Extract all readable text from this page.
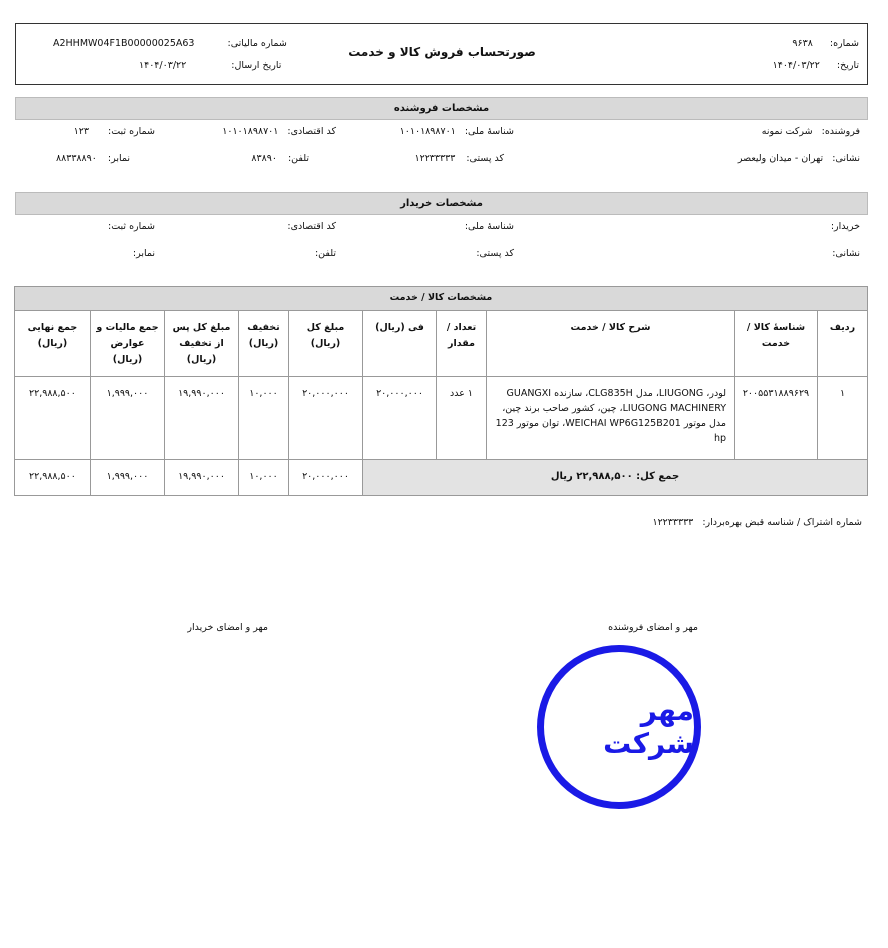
شماره: ۹۶۳۸
تاریخ: ۱۴۰۴/۰۳/۲۲
صورتحساب فروش کالا و خدمت
A2HHMW04F1B00000025A63	شماره مالیاتی:
۱۴۰۴/۰۳/۲۲	تاریخ ارسال:
مشخصات فروشنده
فروشنده: شرکت نمونه
شناسهٔ ملی: ۱۰۱۰۱۸۹۸۷۰۱
کد اقتصادی: ۱۰۱۰۱۸۹۸۷۰۱
شماره ثبت: ۱۲۳
نشانی: تهران - میدان ولیعصر
کد پستی: ۱۲۲۳۳۳۳۳
تلفن: ۸۳۸۹۰
نمابر: ۸۸۳۳۸۸۹۰
مشخصات خریدار
خریدار:
شناسهٔ ملی:
کد اقتصادی:
شماره ثبت:
نشانی:
کد پستی:
تلفن:
نمابر:
مشخصات کالا / خدمت									
ردیف	شناسهٔ کالا / خدمت	شرح کالا / خدمت	تعداد / مقدار	فی (ریال)	مبلغ کل (ریال)	تخفیف (ریال)	مبلغ کل پس از تخفیف (ریال)	جمع مالیات و عوارض (ریال)	جمع نهایی (ریال)
۱	۲۰۰۵۵۳۱۸۸۹۶۲۹	لودر، LIUGONG، مدل CLG835H، سازنده GUANGXI LIUGONG MACHINERY، چین، کشور صاحب برند چین، مدل موتور WEICHAI WP6G125B201، توان موتور 123 hp	۱ عدد	۲۰,۰۰۰,۰۰۰	۲۰,۰۰۰,۰۰۰	۱۰,۰۰۰	۱۹,۹۹۰,۰۰۰	۱,۹۹۹,۰۰۰	۲۲,۹۸۸,۵۰۰
جمع کل: ۲۲,۹۸۸,۵۰۰ ریال					۲۰,۰۰۰,۰۰۰	۱۰,۰۰۰	۱۹,۹۹۰,۰۰۰	۱,۹۹۹,۰۰۰	۲۲,۹۸۸,۵۰۰
شماره اشتراک / شناسه قبض بهره‌بردار: ۱۲۲۳۳۳۳۳
مهر و امضای فروشنده
مهر و امضای خریدار
مهر شرکت
